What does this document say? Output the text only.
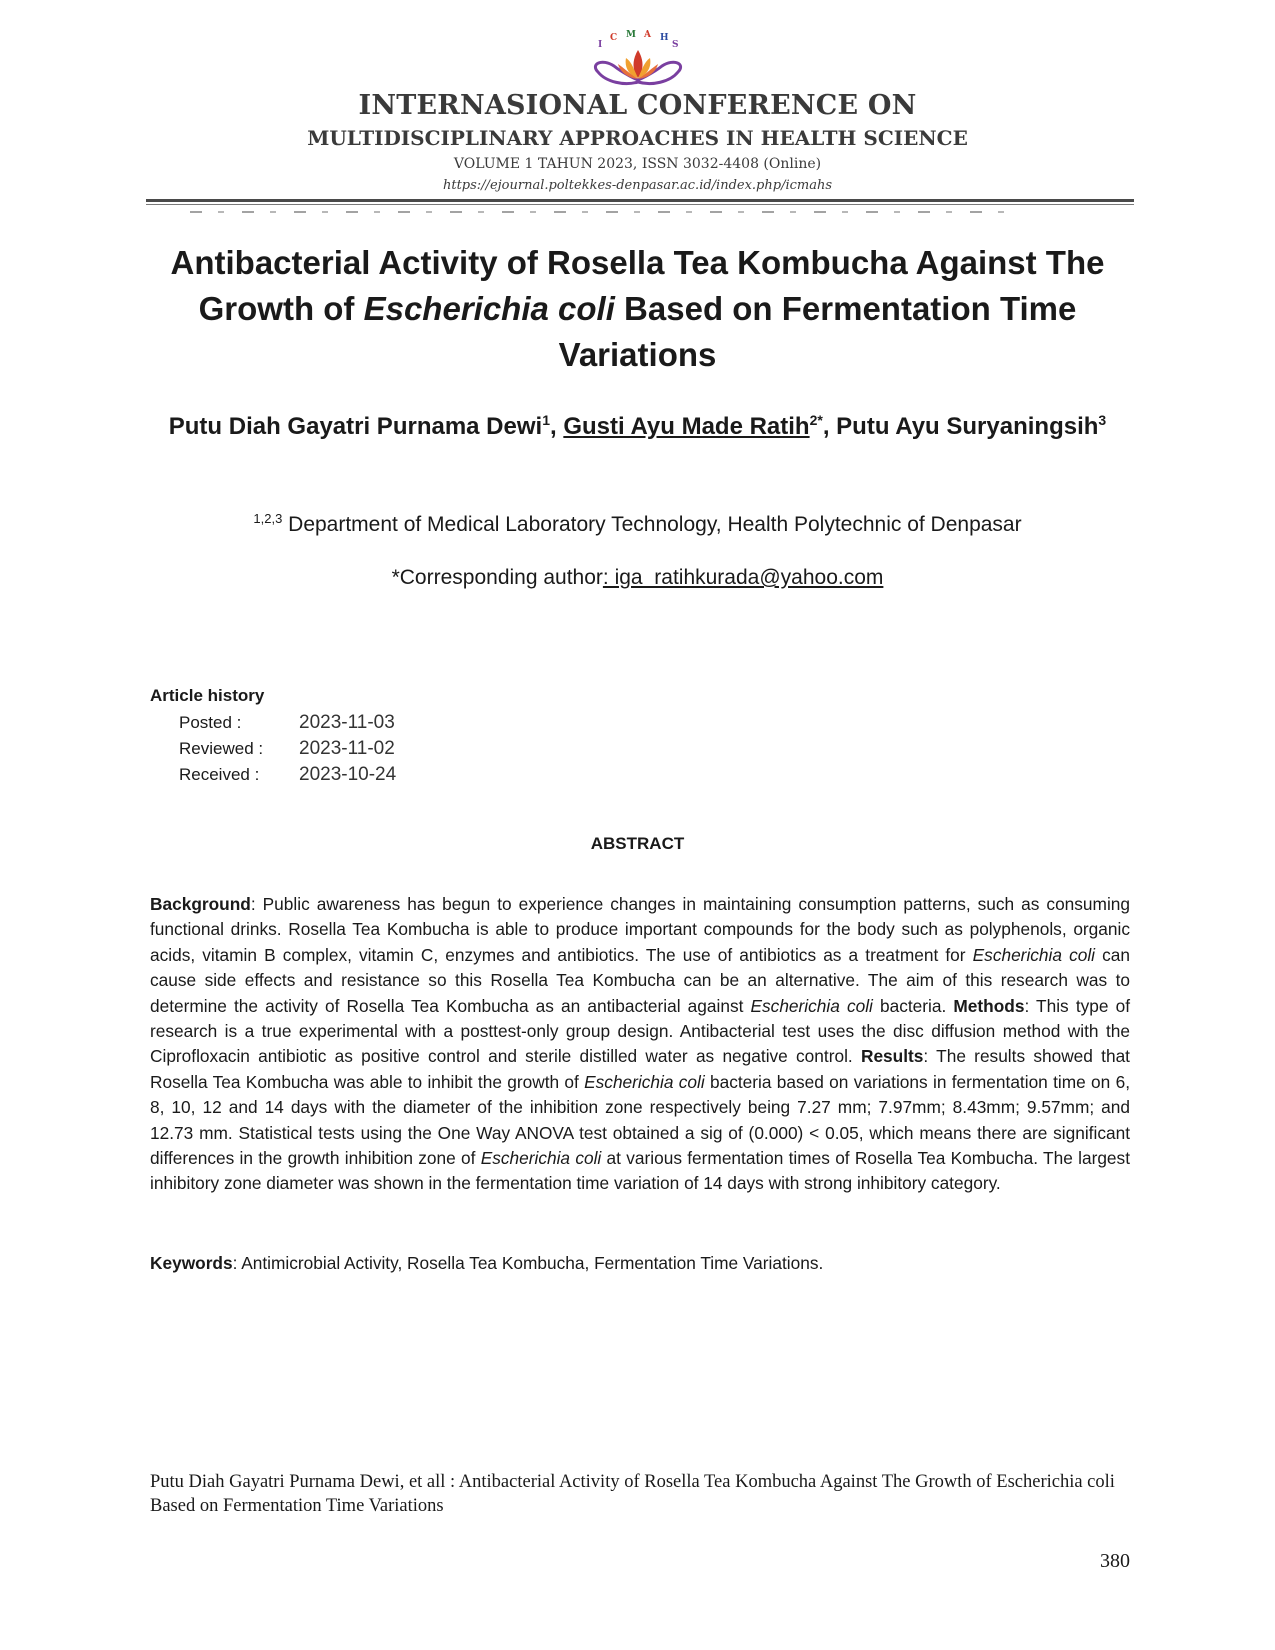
I
C M A H
S
INTERNASIONAL CONFERENCE ON
MULTIDISCIPLINARY APPROACHES IN HEALTH SCIENCE
VOLUME 1 TAHUN 2023, ISSN 3032-4408 (Online)
https://ejournal.poltekkes-denpasar.ac.id/index.php/icmahs
Antibacterial Activity of Rosella Tea Kombucha Against The Growth of Escherichia coli Based on Fermentation Time Variations
Putu Diah Gayatri Purnama Dewi$^1$, Gusti Ayu Made Ratih$^{2*}$, Putu Ayu Suryaningsih$^3$
$^{1,2,3}$ Department of Medical Laboratory Technology, Health Polytechnic of Denpasar
*Corresponding author: iga_ratihkurada@yahoo.com
Article history
Posted :	2023-11-03
Reviewed : 2023-11-02
Received : 2023-10-24
ABSTRACT
Background: Public awareness has begun to experience changes in maintaining consumption patterns, such as consuming functional drinks. Rosella Tea Kombucha is able to produce important compounds for the body such as polyphenols, organic acids, vitamin B complex, vitamin C, enzymes and antibiotics. The use of antibiotics as a treatment for Escherichia coli can cause side effects and resistance so this Rosella Tea Kombucha can be an alternative. The aim of this research was to determine the activity of Rosella Tea Kombucha as an antibacterial against Escherichia coli bacteria. Methods: This type of research is a true experimental with a posttest-only group design. Antibacterial test uses the disc diffusion method with the Ciprofloxacin antibiotic as positive control and sterile distilled water as negative control. Results: The results showed that Rosella Tea Kombucha was able to inhibit the growth of Escherichia coli bacteria based on variations in fermentation time on 6, 8, 10, 12 and 14 days with the diameter of the inhibition zone respectively being 7.27 mm; 7.97mm; 8.43mm; 9.57mm; and 12.73 mm. Statistical tests using the One Way ANOVA test obtained a sig of (0.000) < 0.05, which means there are significant differences in the growth inhibition zone of Escherichia coli at various fermentation times of Rosella Tea Kombucha. The largest inhibitory zone diameter was shown in the fermentation time variation of 14 days with strong inhibitory category.
Keywords: Antimicrobial Activity, Rosella Tea Kombucha, Fermentation Time Variations.
Putu Diah Gayatri Purnama Dewi, et all : Antibacterial Activity of Rosella Tea Kombucha Against The Growth of Escherichia coli Based on Fermentation Time Variations
380
